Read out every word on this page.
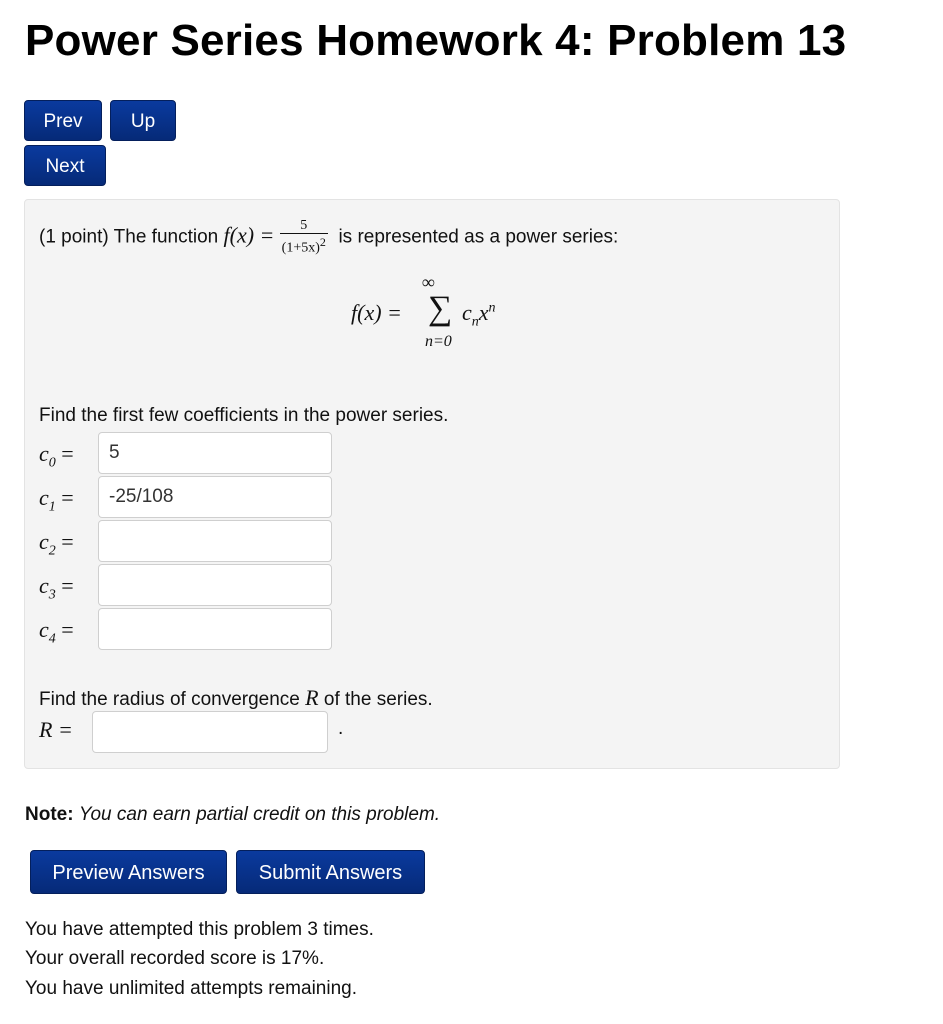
Power Series Homework 4: Problem 13
Prev	Up
Next
(1 point) The function $f(x) = \frac{5}{(1+5x)^2}$ is represented as a power series:
f(x) =
∞
∑
n=0
$c_nx^n$
Find the first few coefficients in the power series.
$c_0$ =
5
$c_1$ =
-25/108
$c_2$ =
$c_3$ =
$c_4$ =
Find the radius of convergence R of the series.
R =	.
Note: You can earn partial credit on this problem.
Preview Answers	Submit Answers
You have attempted this problem 3 times.
Your overall recorded score is 17%.
You have unlimited attempts remaining.
